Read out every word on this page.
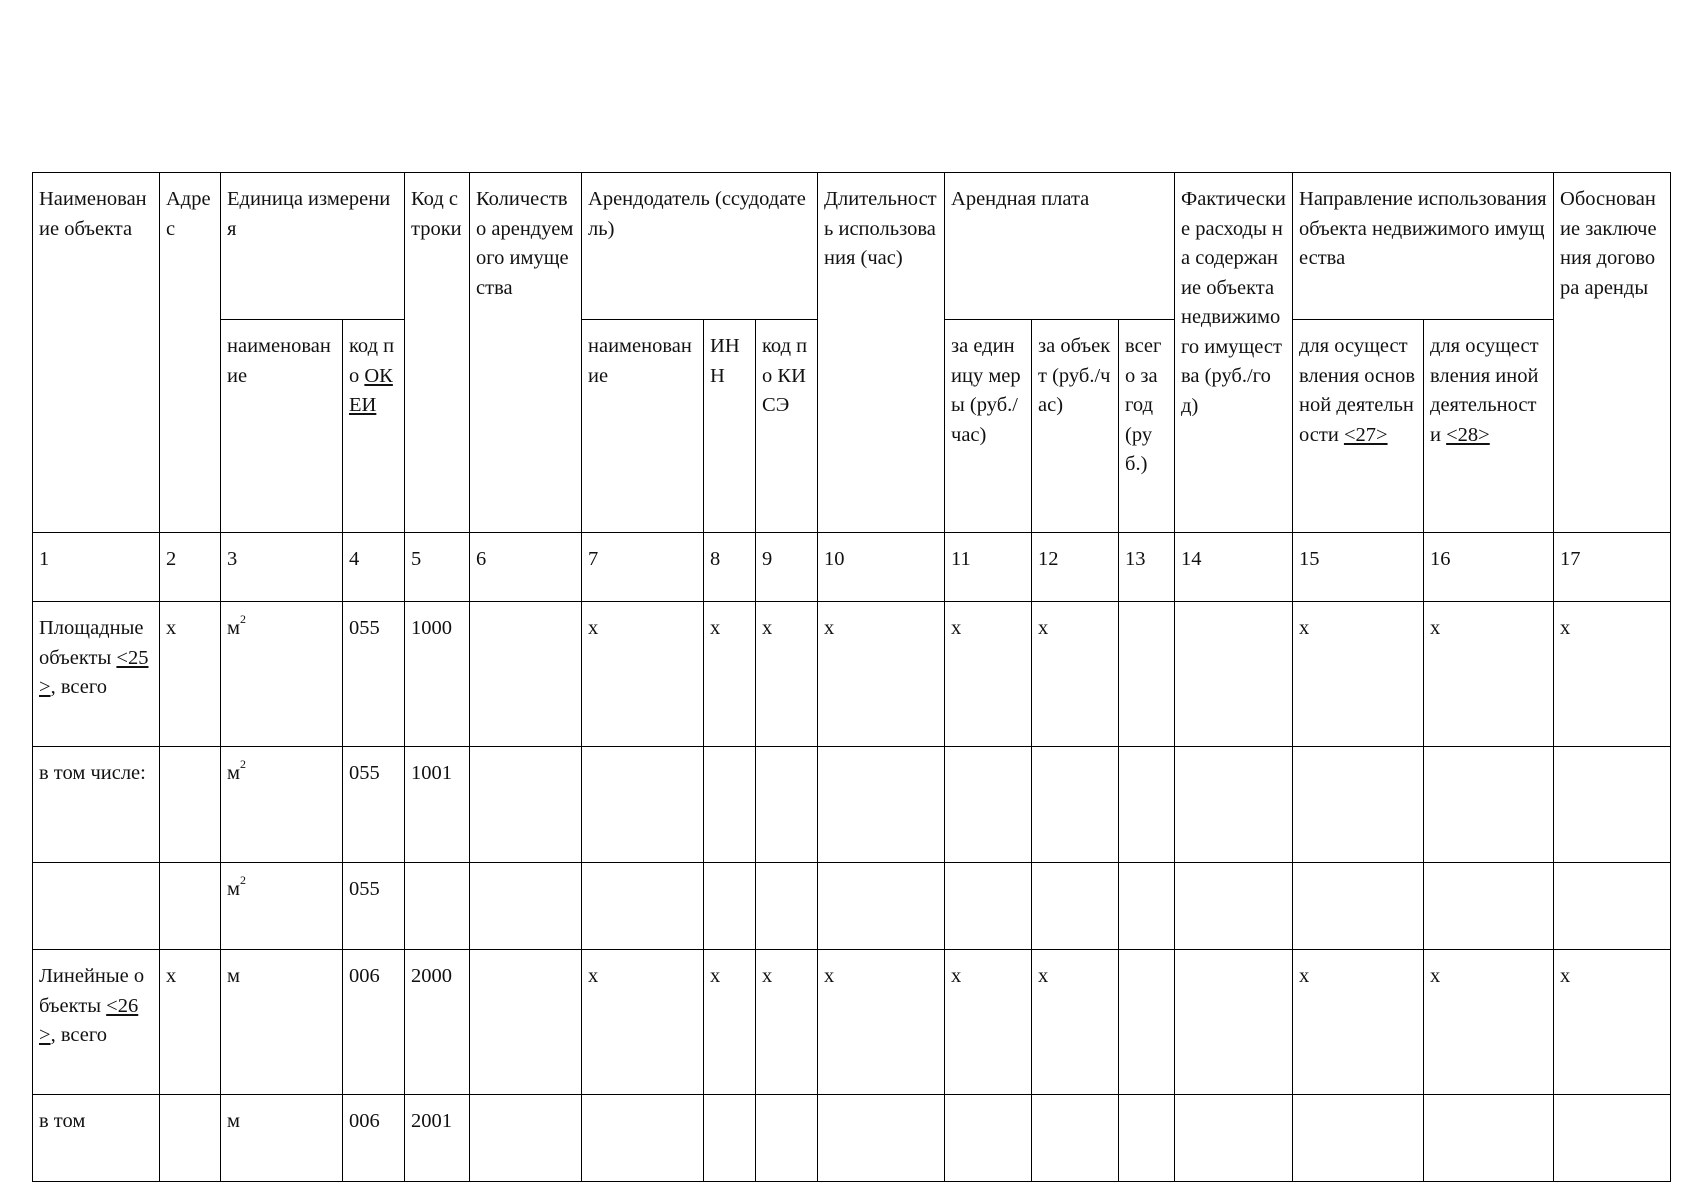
Наименование объекта	Адрес	Единица измерения		Код строки	Количество арендуемого имущества	Арендодатель (ссудодатель)			Длительность использования (час)	Арендная плата			Фактические расходы на содержание объекта недвижимого имущества (руб./год)	Направление использования объекта недвижимого имущества		Обоснование заключения договора аренды
		наименование	код по ОКЕИ			наименование	ИНН	код по КИСЭ		за единицу меры (руб./час)	за объект (руб./час)	всего за год (руб.)		для осуществления основной деятельности <27>	для осуществления иной деятельности <28>	
1	2	3	4	5	6	7	8	9	10	11	12	13	14	15	16	17
Площадные объекты <25>, всего	x	$м^2$	055	1000		x	x	x	x	x	x			x	x	x
в том числе:		$м^2$	055	1001												
		$м^2$	055													
Линейные объекты <26>, всего	x	м	006	2000		x	x	x	x	x	x			x	x	x
в том		м	006	2001												
